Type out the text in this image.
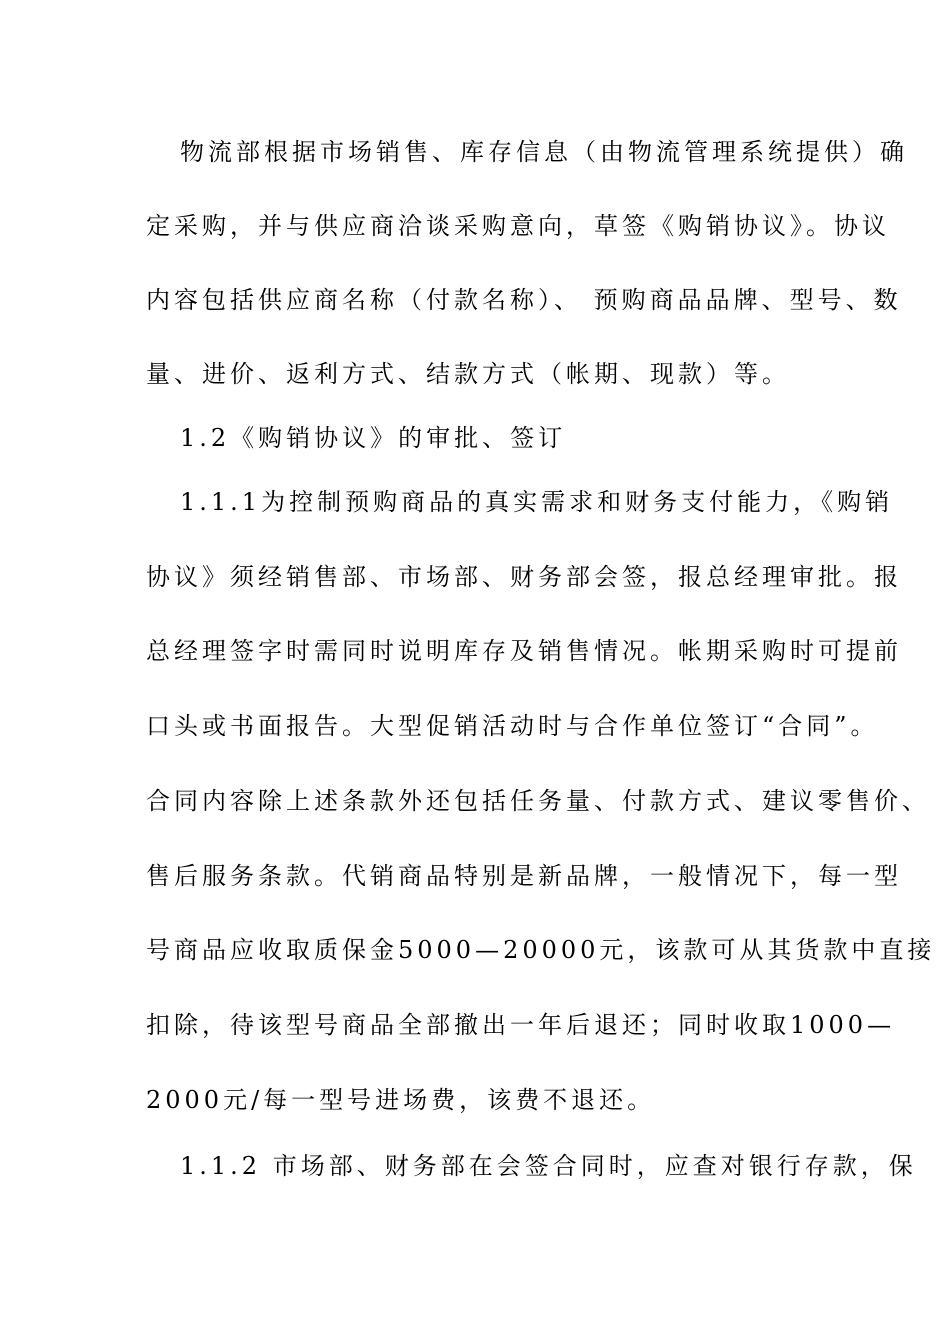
物流部根据市场销售、库存信息（由物流管理系统提供）确
定采购，并与供应商洽谈采购意向，草签《购销协议》。协议
内容包括供应商名称（付款名称）、 预购商品品牌、型号、数
量、进价、返利方式、结款方式（帐期、现款）等。
1.2《购销协议》的审批、签订
1.1.1为控制预购商品的真实需求和财务支付能力，《购销
协议》须经销售部、市场部、财务部会签，报总经理审批。报
总经理签字时需同时说明库存及销售情况。帐期采购时可提前
口头或书面报告。大型促销活动时与合作单位签订“合同”。
合同内容除上述条款外还包括任务量、付款方式、建议零售价、
售后服务条款。代销商品特别是新品牌，一般情况下，每一型
号商品应收取质保金5000—20000元，该款可从其货款中直接
扣除，待该型号商品全部撤出一年后退还；同时收取1000—
2000元/每一型号进场费，该费不退还。
1.1.2 市场部、财务部在会签合同时，应查对银行存款，保
